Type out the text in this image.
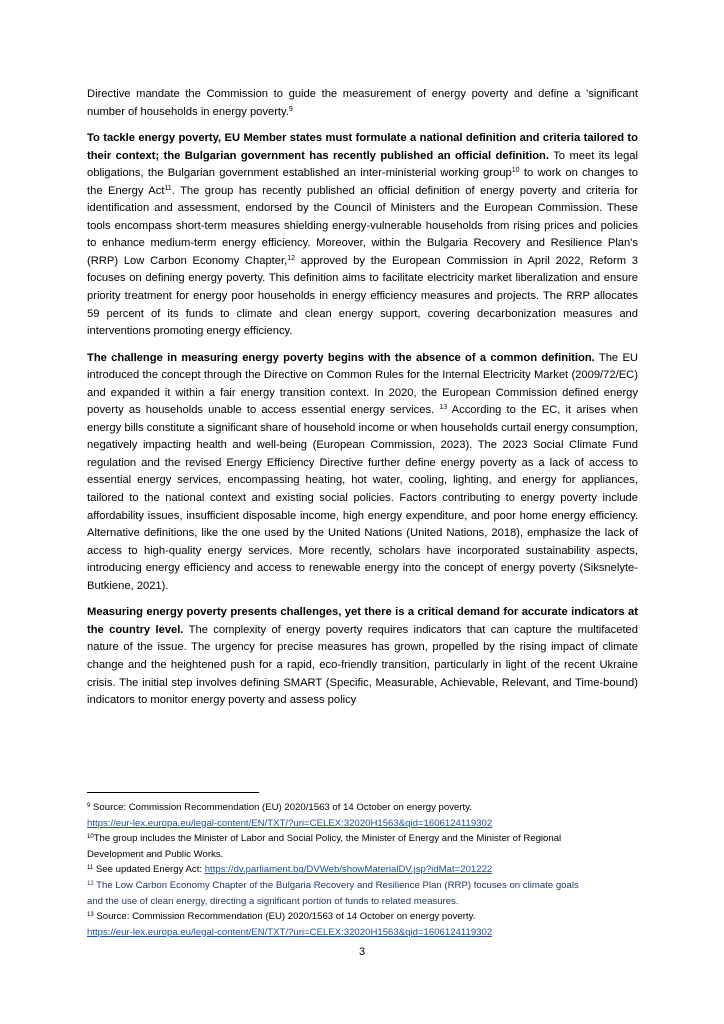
Directive mandate the Commission to guide the measurement of energy poverty and define a 'significant number of households in energy poverty.$^9$

To tackle energy poverty, EU Member states must formulate a national definition and criteria tailored to their context; the Bulgarian government has recently published an official definition. To meet its legal obligations, the Bulgarian government established an inter-ministerial working group$^{10}$ to work on changes to the Energy Act$^{11}$. The group has recently published an official definition of energy poverty and criteria for identification and assessment, endorsed by the Council of Ministers and the European Commission. These tools encompass short-term measures shielding energy-vulnerable households from rising prices and policies to enhance medium-term energy efficiency. Moreover, within the Bulgaria Recovery and Resilience Plan's (RRP) Low Carbon Economy Chapter,$^{12}$ approved by the European Commission in April 2022, Reform 3 focuses on defining energy poverty. This definition aims to facilitate electricity market liberalization and ensure priority treatment for energy poor households in energy efficiency measures and projects. The RRP allocates 59 percent of its funds to climate and clean energy support, covering decarbonization measures and interventions promoting energy efficiency.

The challenge in measuring energy poverty begins with the absence of a common definition. The EU introduced the concept through the Directive on Common Rules for the Internal Electricity Market (2009/72/EC) and expanded it within a fair energy transition context. In 2020, the European Commission defined energy poverty as households unable to access essential energy services. $^{13}$ According to the EC, it arises when energy bills constitute a significant share of household income or when households curtail energy consumption, negatively impacting health and well-being (European Commission, 2023). The 2023 Social Climate Fund regulation and the revised Energy Efficiency Directive further define energy poverty as a lack of access to essential energy services, encompassing heating, hot water, cooling, lighting, and energy for appliances, tailored to the national context and existing social policies. Factors contributing to energy poverty include affordability issues, insufficient disposable income, high energy expenditure, and poor home energy efficiency. Alternative definitions, like the one used by the United Nations (United Nations, 2018), emphasize the lack of access to high-quality energy services. More recently, scholars have incorporated sustainability aspects, introducing energy efficiency and access to renewable energy into the concept of energy poverty (Siksnelyte-Butkiene, 2021).

Measuring energy poverty presents challenges, yet there is a critical demand for accurate indicators at the country level. The complexity of energy poverty requires indicators that can capture the multifaceted nature of the issue. The urgency for precise measures has grown, propelled by the rising impact of climate change and the heightened push for a rapid, eco-friendly transition, particularly in light of the recent Ukraine crisis. The initial step involves defining SMART (Specific, Measurable, Achievable, Relevant, and Time-bound) indicators to monitor energy poverty and assess policy

$^9$ Source: Commission Recommendation (EU) 2020/1563 of 14 October on energy poverty.

https://eur-lex.europa.eu/legal-content/EN/TXT/?uri=CELEX:32020H1563&qid=1606124119302

$^{10}$The group includes the Minister of Labor and Social Policy, the Minister of Energy and the Minister of Regional

Development and Public Works.

$^{11}$ See updated Energy Act: https://dv.parliament.bg/DVWeb/showMaterialDV.jsp?idMat=201222

$^{12}$ The Low Carbon Economy Chapter of the Bulgaria Recovery and Resilience Plan (RRP) focuses on climate goals

and the use of clean energy, directing a significant portion of funds to related measures.

$^{13}$ Source: Commission Recommendation (EU) 2020/1563 of 14 October on energy poverty.

https://eur-lex.europa.eu/legal-content/EN/TXT/?uri=CELEX:32020H1563&qid=1606124119302

3
